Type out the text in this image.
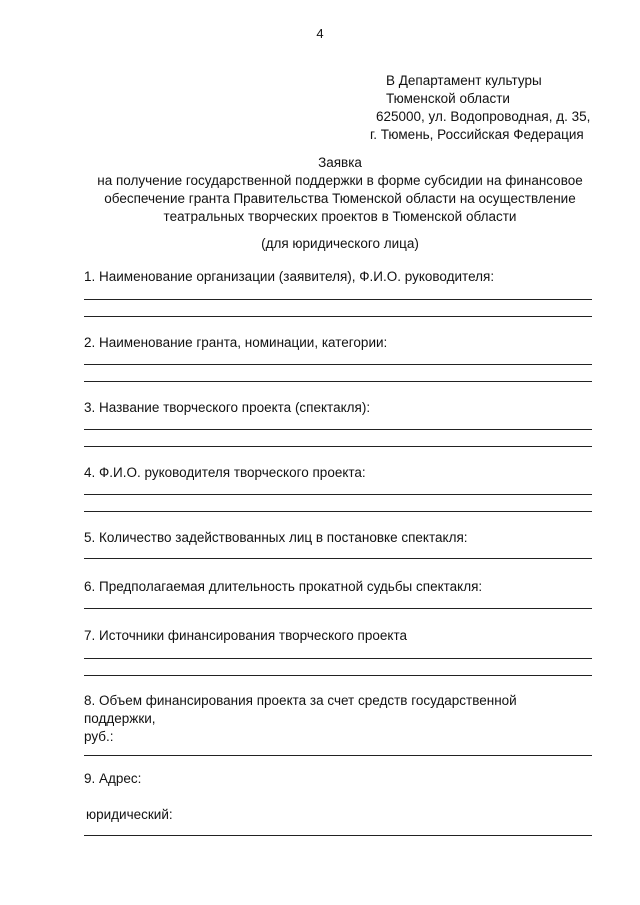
4
В Департамент культуры
Тюменской области
625000, ул. Водопроводная, д. 35,
г. Тюмень, Российская Федерация
Заявка
на получение государственной поддержки в форме субсидии на финансовое
обеспечение гранта Правительства Тюменской области на осуществление
театральных творческих проектов в Тюменской области
(для юридического лица)
1. Наименование организации (заявителя), Ф.И.О. руководителя:
2. Наименование гранта, номинации, категории:
3. Название творческого проекта (спектакля):
4. Ф.И.О. руководителя творческого проекта:
5. Количество задействованных лиц в постановке спектакля:
6. Предполагаемая длительность прокатной судьбы спектакля:
7. Источники финансирования творческого проекта
8. Объем финансирования проекта за счет средств государственной
поддержки,
руб.:
9. Адрес:
юридический:
